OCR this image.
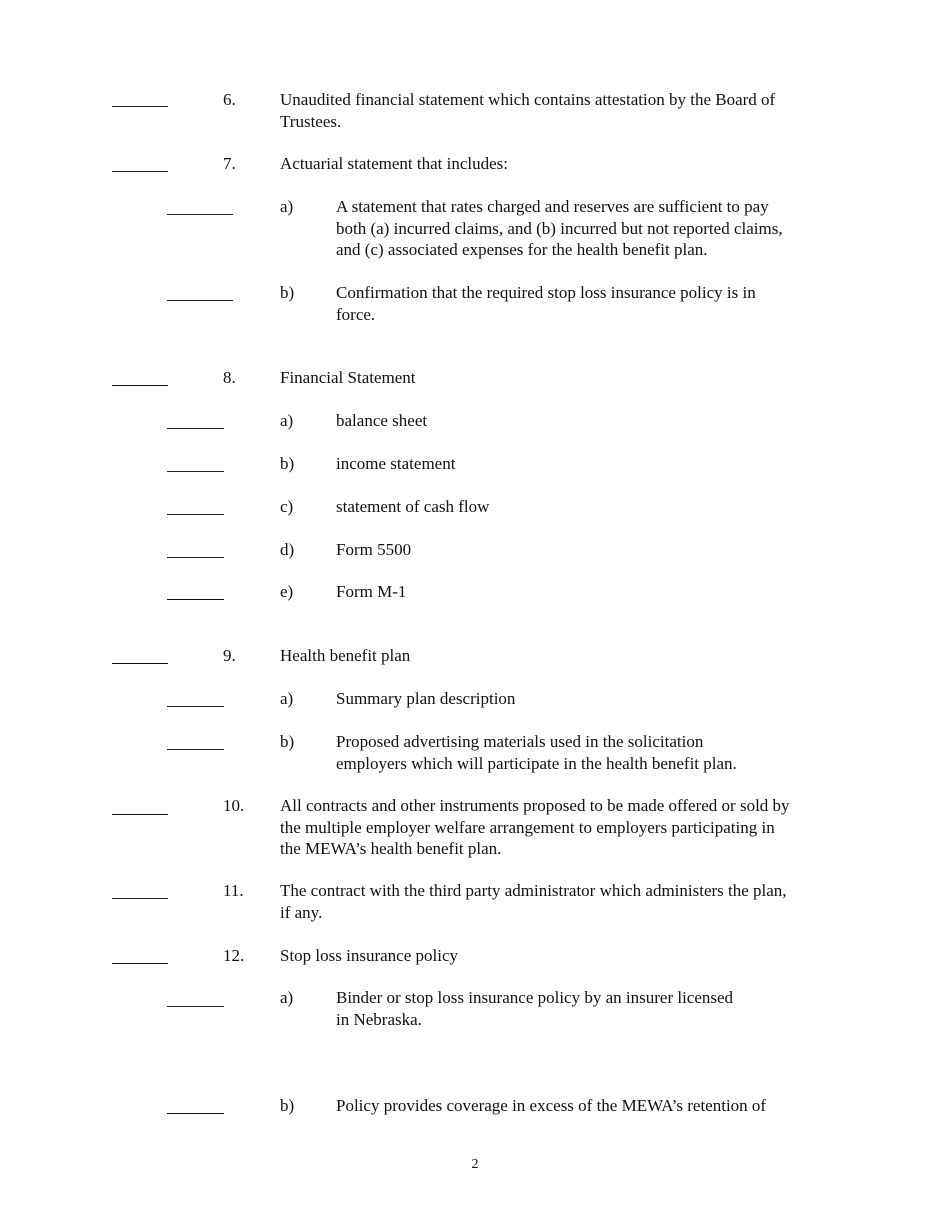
6.	Unaudited financial statement which contains attestation by the Board of
Trustees.
7.	Actuarial statement that includes:
a)	A statement that rates charged and reserves are sufficient to pay
both (a) incurred claims, and (b) incurred but not reported claims,
and (c) associated expenses for the health benefit plan.
b) Confirmation that the required stop loss insurance policy is in
force.
8.	Financial Statement
a)	balance sheet
b) income statement
c)	statement of cash flow
d) Form 5500
e)	Form M-1
9.	Health benefit plan
a)	Summary plan description
b) Proposed advertising materials used in the solicitation
employers which will participate in the health benefit plan.
10. All contracts and other instruments proposed to be made offered or sold by
the multiple employer welfare arrangement to employers participating in
the MEWA’s health benefit plan.
11. The contract with the third party administrator which administers the plan,
if any.
12. Stop loss insurance policy
a)	Binder or stop loss insurance policy by an insurer licensed
in Nebraska.
b) Policy provides coverage in excess of the MEWA’s retention of
2
